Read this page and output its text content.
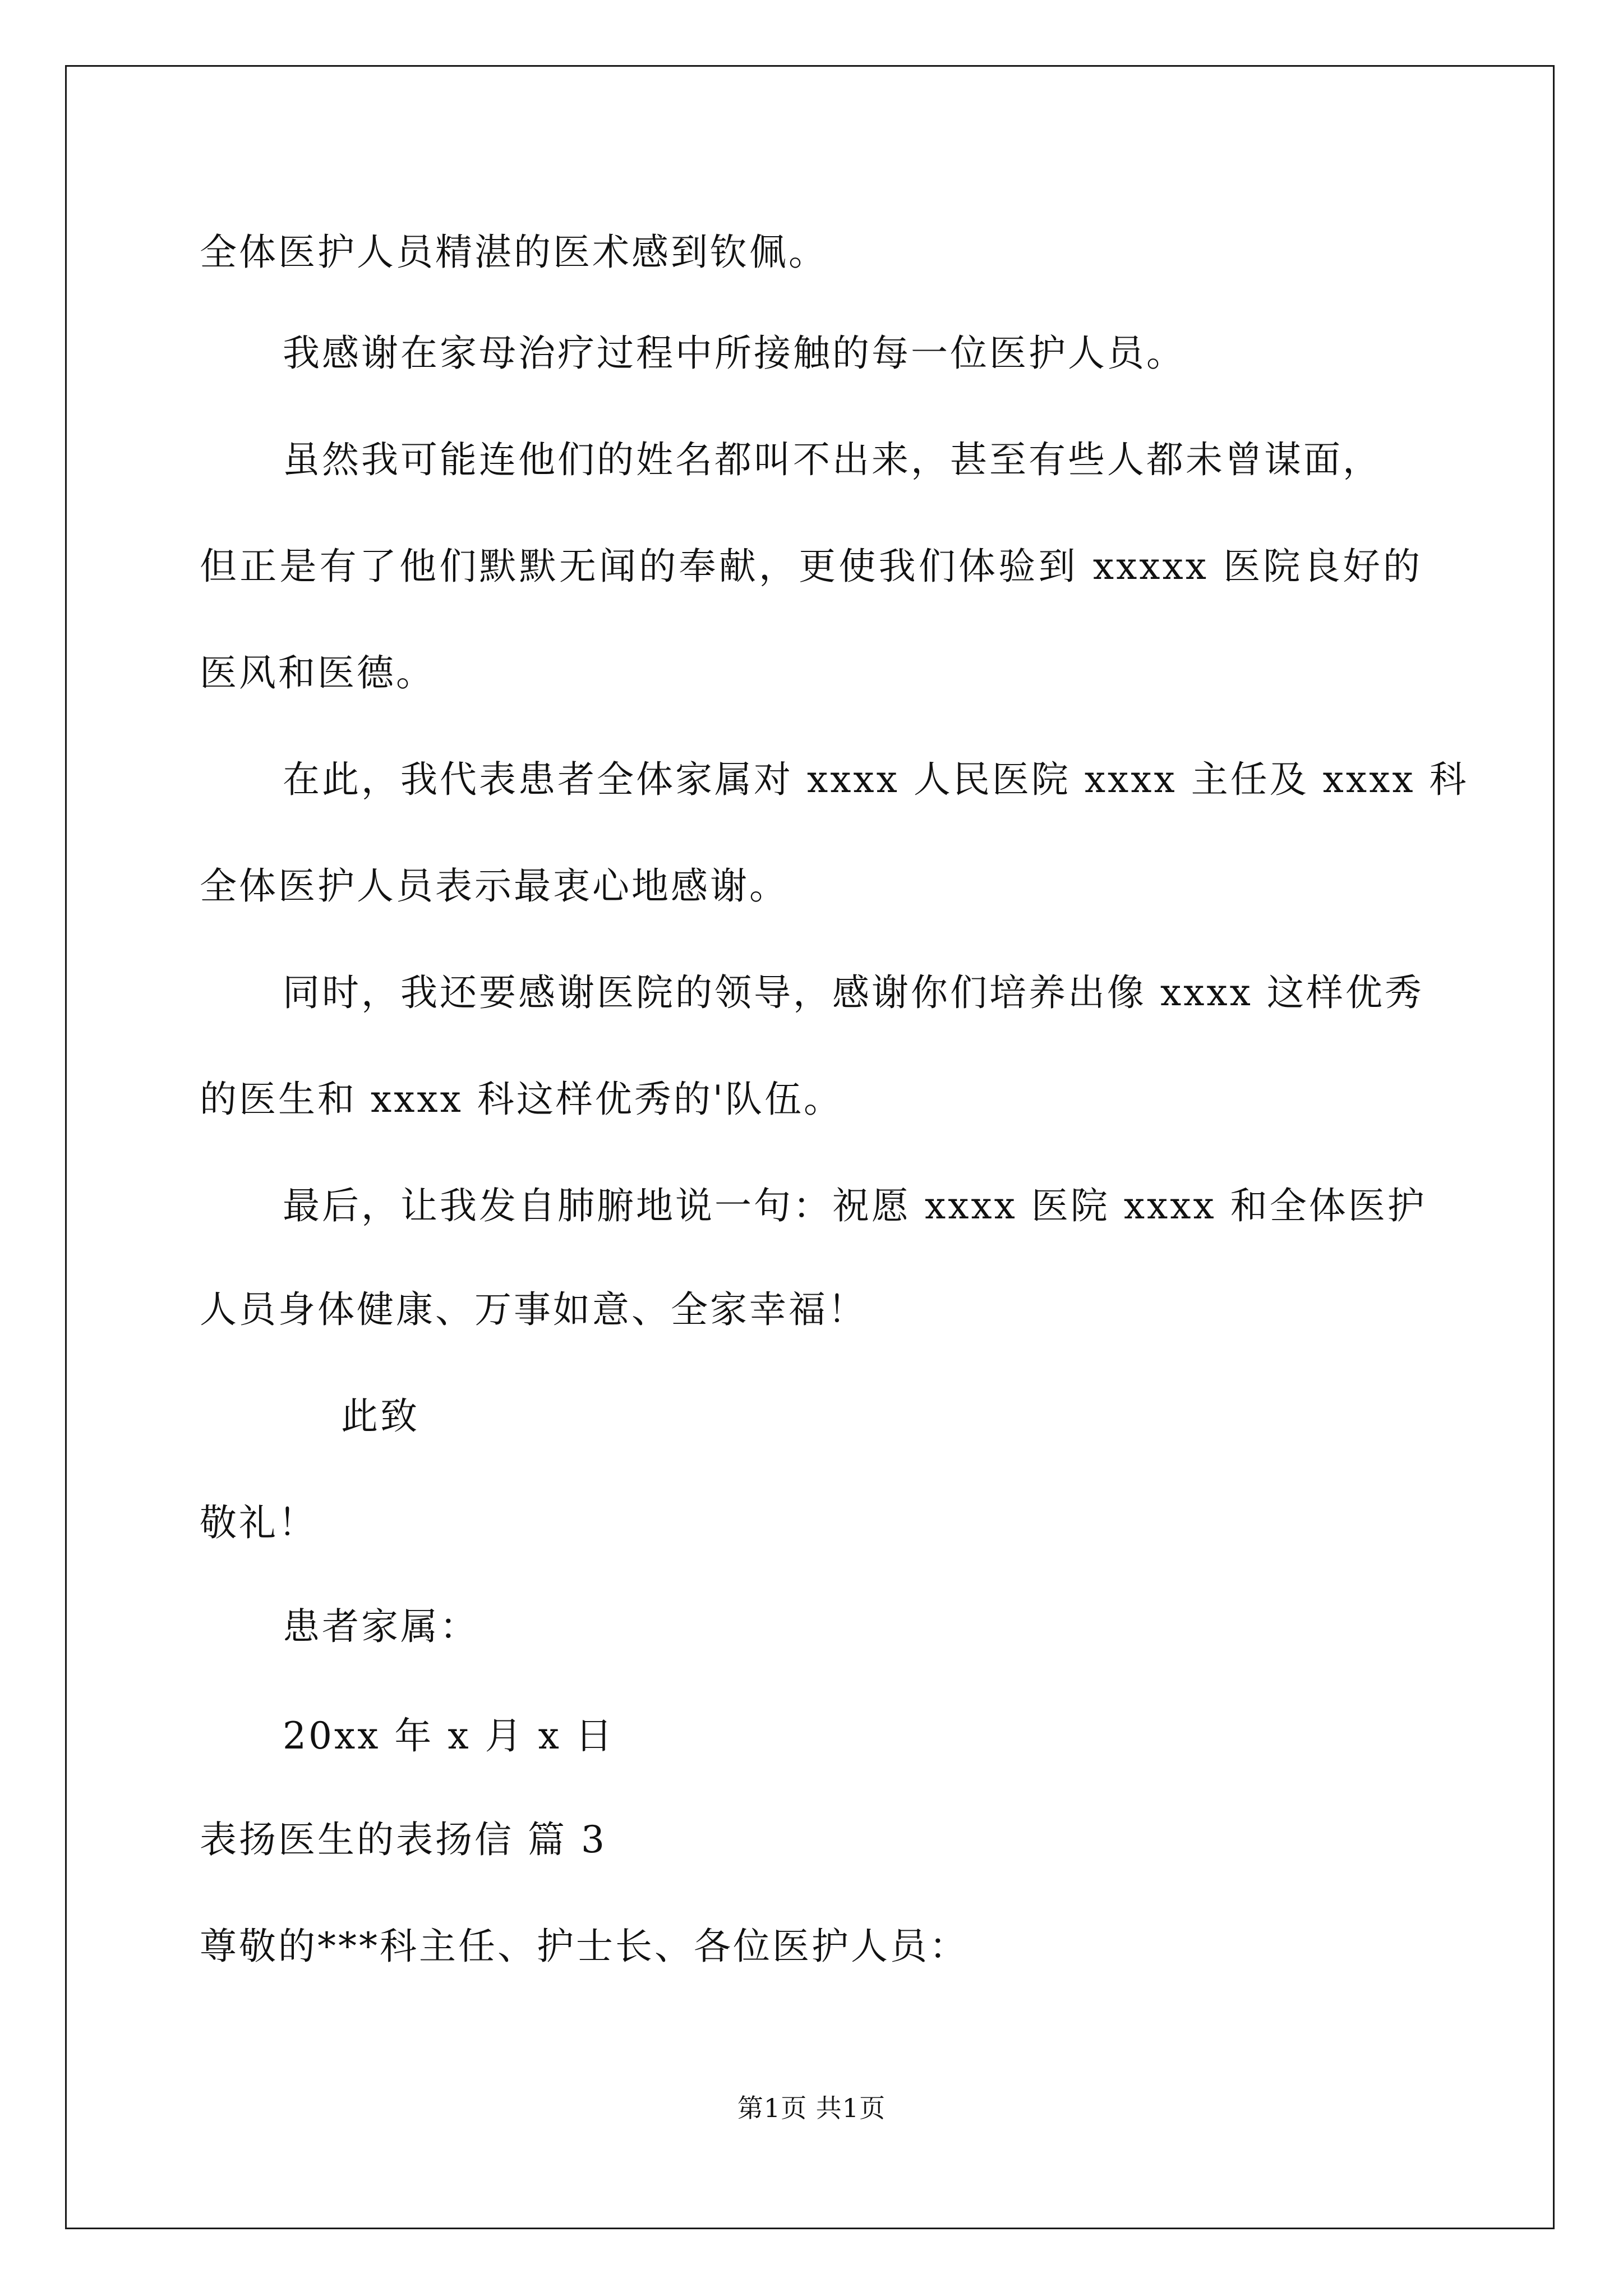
全体医护人员精湛的医术感到钦佩。
我感谢在家母治疗过程中所接触的每一位医护人员。
虽然我可能连他们的姓名都叫不出来，甚至有些人都未曾谋面，
但正是有了他们默默无闻的奉献，更使我们体验到 xxxxx 医院良好的
医风和医德。
在此，我代表患者全体家属对 xxxx 人民医院 xxxx 主任及 xxxx 科
全体医护人员表示最衷心地感谢。
同时，我还要感谢医院的领导，感谢你们培养出像 xxxx 这样优秀
的医生和 xxxx 科这样优秀的'队伍。
最后，让我发自肺腑地说一句：祝愿 xxxx 医院 xxxx 和全体医护
人员身体健康、万事如意、全家幸福！
此致
敬礼！
患者家属：
20xx 年 x 月 x 日
表扬医生的表扬信 篇 3
尊敬的***科主任、护士长、各位医护人员：
第1页 共1页
